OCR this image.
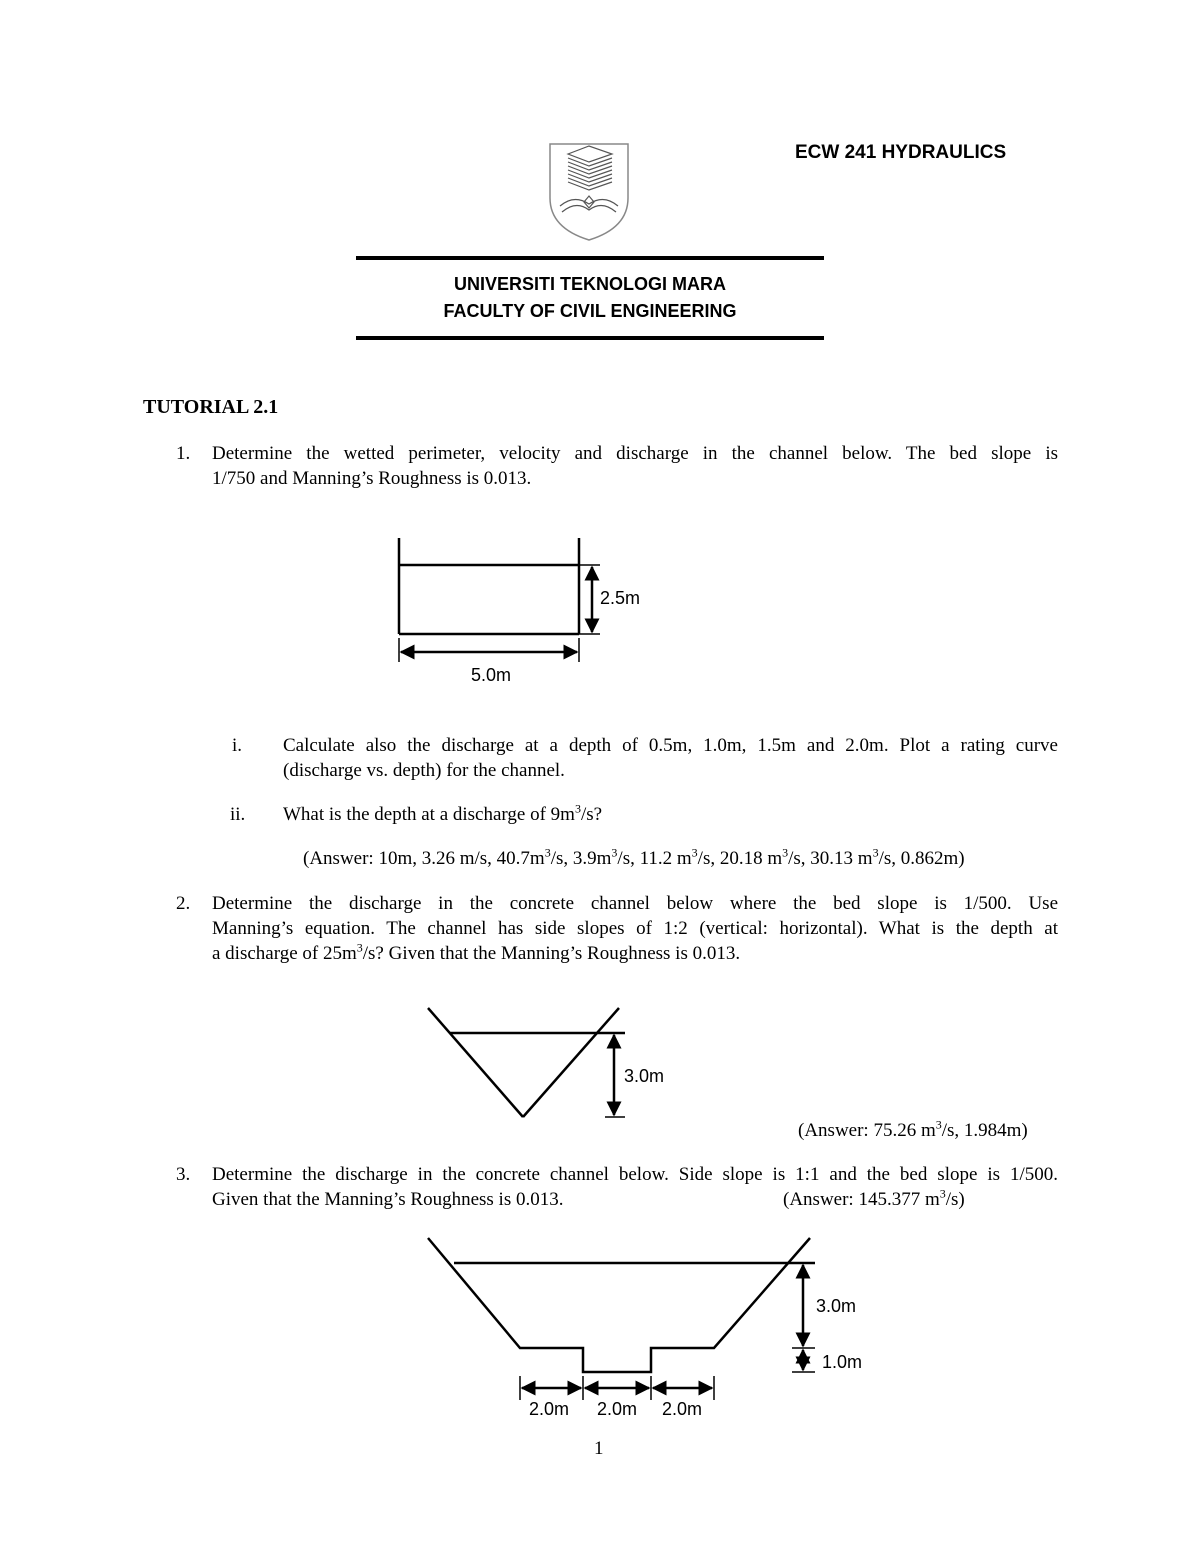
ECW 241 HYDRAULICS
UNIVERSITI TEKNOLOGI MARA
FACULTY OF CIVIL ENGINEERING
TUTORIAL 2.1
1. Determine the wetted perimeter, velocity and discharge in the channel below. The bed slope is
1/750 and Manning’s Roughness is 0.013.
2.5m
5.0m
i. Calculate also the discharge at a depth of 0.5m, 1.0m, 1.5m and 2.0m. Plot a rating curve
(discharge vs. depth) for the channel.
ii. What is the depth at a discharge of $9m^3/s$?
(Answer: 10m, 3.26 m/s, $40.7m^3/s$, $3.9m^3/s$, 11.2 $m^3/s$, 20.18 $m^3/s$, 30.13 $m^3/s$, 0.862m)
2. Determine the discharge in the concrete channel below where the bed slope is 1/500. Use
Manning’s equation. The channel has side slopes of 1:2 (vertical: horizontal). What is the depth at
a discharge of $25m^3/s$? Given that the Manning’s Roughness is 0.013.
3.0m
(Answer: 75.26 $m^3/s$, 1.984m)
3. Determine the discharge in the concrete channel below. Side slope is 1:1 and the bed slope is 1/500.
Given that the Manning’s Roughness is 0.013.	(Answer: 145.377 $m^3/s$)
3.0m
1.0m
2.0m 2.0m 2.0m
1
